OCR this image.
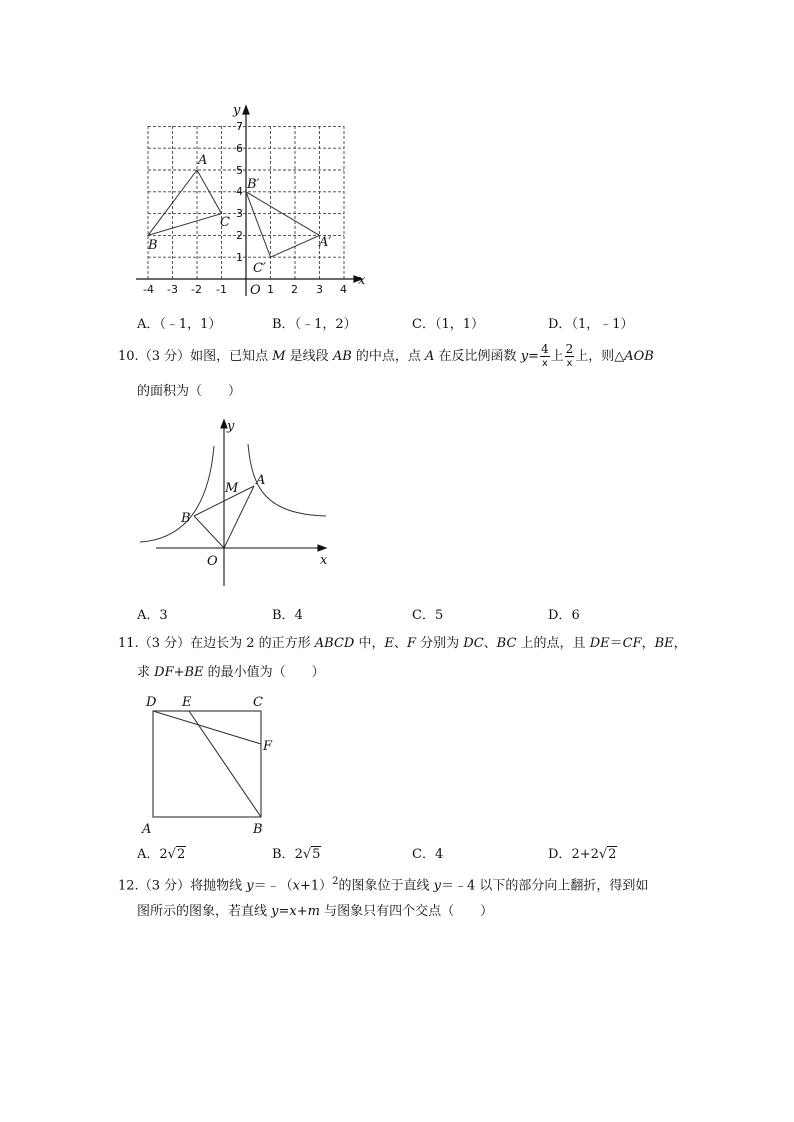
-4 -3 -2 -1	1 2 3 4
1
2
3
4
5
6
7
x
y
O
A
B
C
A′
B′
C′
A．（﹣1，1）	B．（﹣1，2）	C．（1，1）	D．（1，﹣1）
10.（3 分）如图，已知点 M 是线段 AB 的中点，点 A 在反比例函数 $y= \frac{4}{x}$ 上 $\frac{2}{x}$ 上，则△AOB
的面积为（　　）
y
x
O
A
B
M
A．3	B．4	C．5	D．6
11.（3 分）在边长为 2 的正方形 ABCD 中，E、F 分别为 DC、BC 上的点，且 DE＝CF，BE，
求 DF+BE 的最小值为（　　）
D E	C
F
A	B
A．2√2	B．2√5	C．4	D．2+2√2
12.（3 分）将抛物线 $y=﹣(x+1)^2$的图象位于直线 y＝﹣4 以下的部分向上翻折，得到如
图所示的图象，若直线 y=x+m 与图象只有四个交点（　　）
